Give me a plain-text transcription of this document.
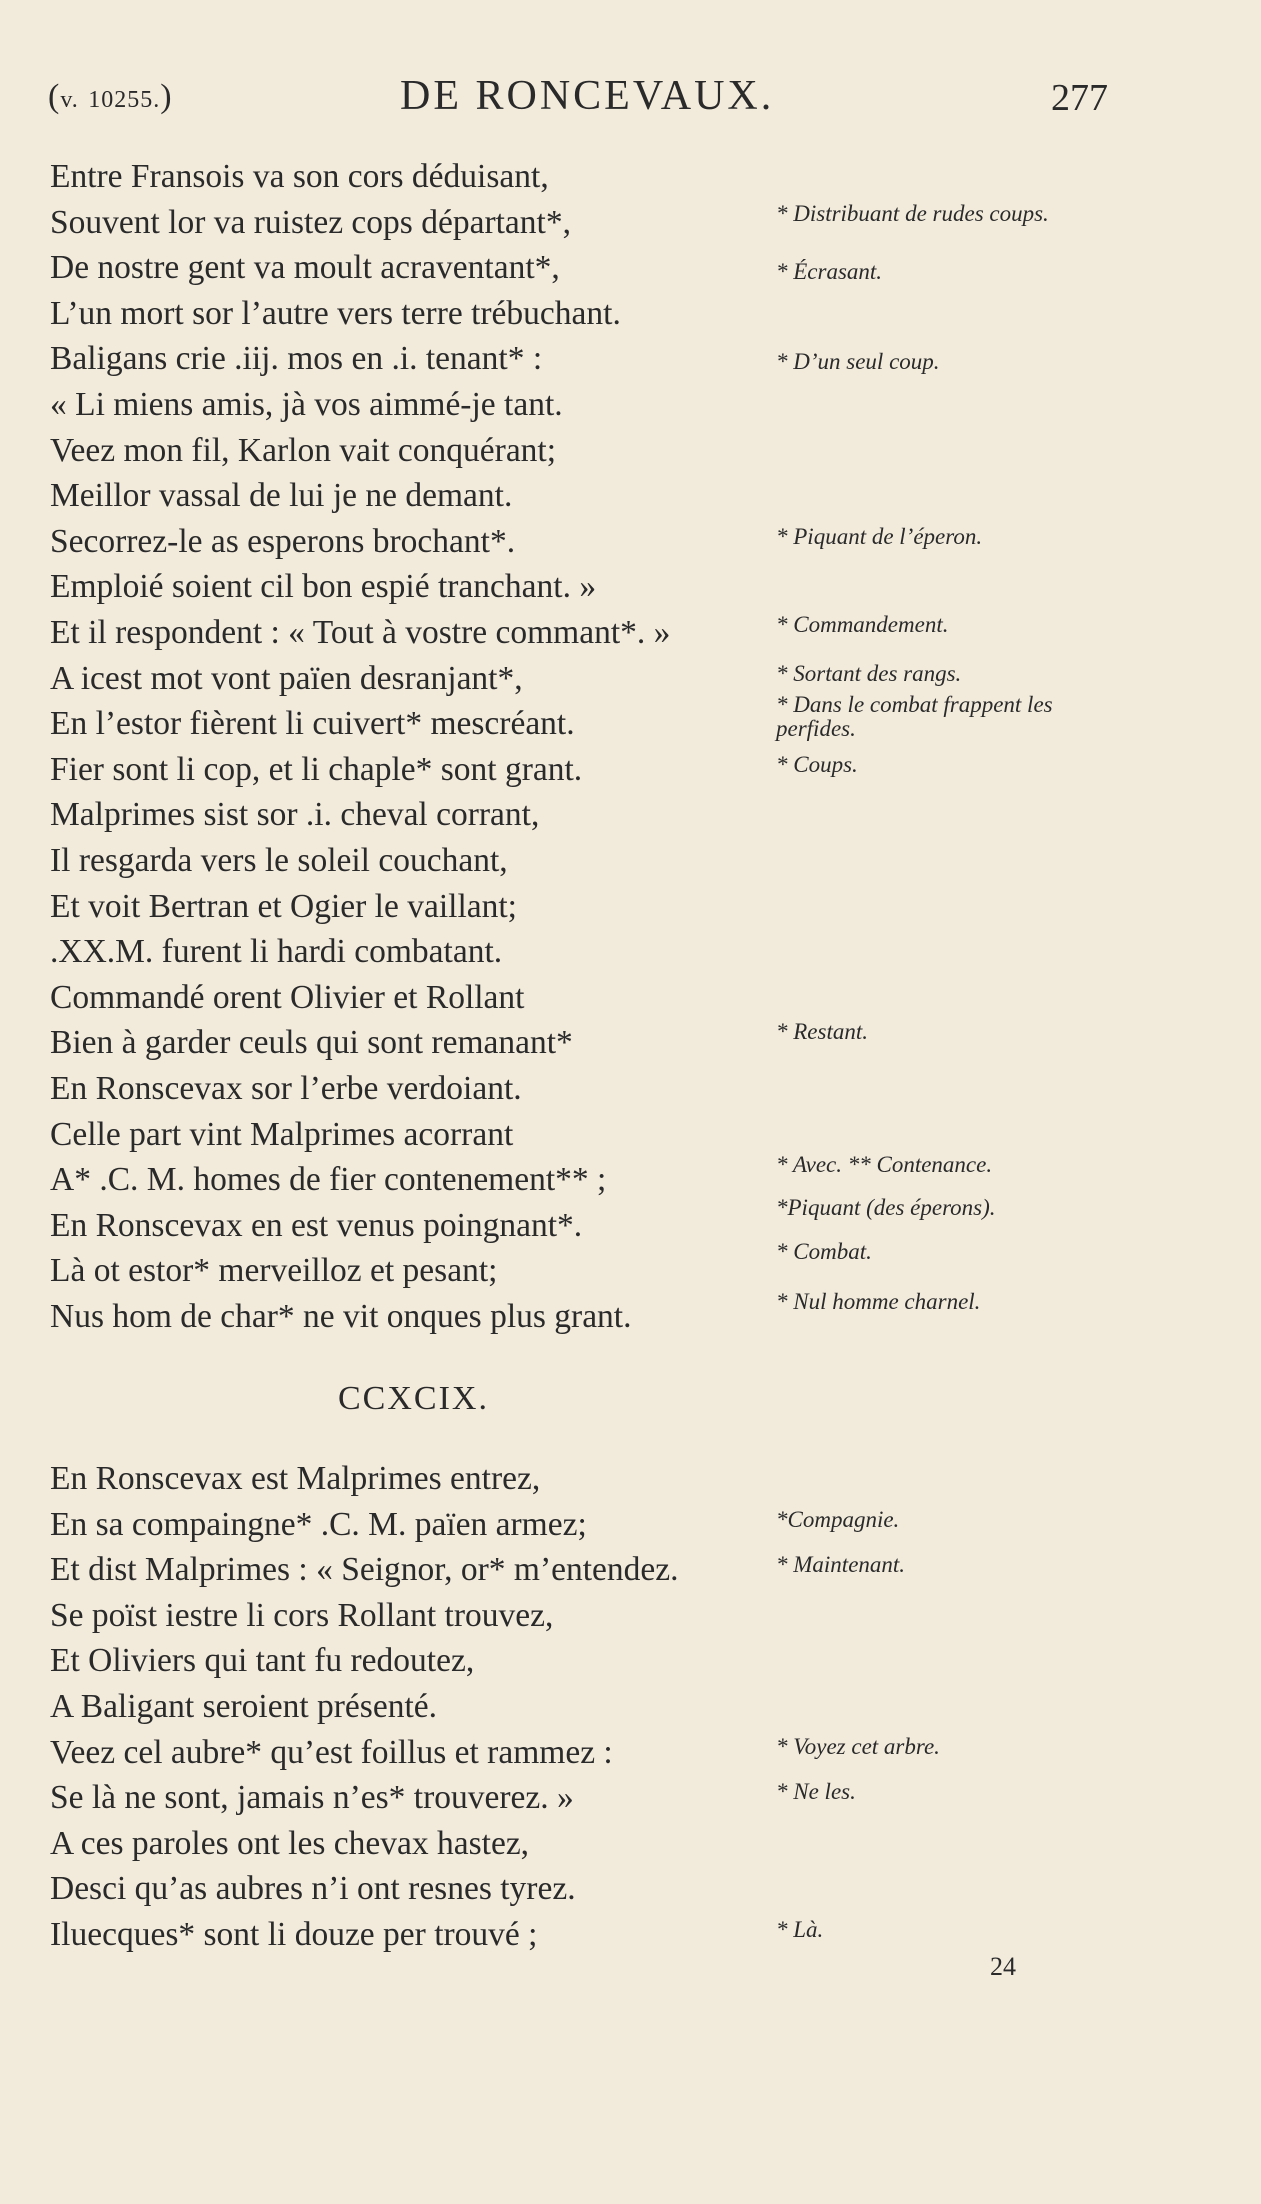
(v. 10255.)	DE RONCEVAUX.	277
Entre Fransois va son cors déduisant,
Souvent lor va ruistez cops départant*,
De nostre gent va moult acraventant*,
L’un mort sor l’autre vers terre trébuchant.
Baligans crie .iij. mos en .i. tenant* :
« Li miens amis, jà vos aimmé-je tant.
Veez mon fil, Karlon vait conquérant;
Meillor vassal de lui je ne demant.
Secorrez-le as esperons brochant*.
Emploié soient cil bon espié tranchant. »
Et il respondent : « Tout à vostre commant*. »
A icest mot vont païen desranjant*,
En l’estor fièrent li cuivert* mescréant.
Fier sont li cop, et li chaple* sont grant.
Malprimes sist sor .i. cheval corrant,
Il resgarda vers le soleil couchant,
Et voit Bertran et Ogier le vaillant;
.XX.M. furent li hardi combatant.
Commandé orent Olivier et Rollant
Bien à garder ceuls qui sont remanant*
En Ronscevax sor l’erbe verdoiant.
Celle part vint Malprimes acorrant
A* .C. M. homes de fier contenement** ;
En Ronscevax en est venus poingnant*.
Là ot estor* merveilloz et pesant;
Nus hom de char* ne vit onques plus grant.
* Distribuant de rudes coups.
* Écrasant.
* D’un seul coup.
* Piquant de l’éperon.
* Commandement.
* Sortant des rangs.
* Dans le combat frappent les perfides.
* Coups.
* Restant.
* Avec. ** Contenance.
*Piquant (des éperons).
* Combat.
* Nul homme charnel.
CCXCIX.
En Ronscevax est Malprimes entrez,
En sa compaingne* .C. M. païen armez;
Et dist Malprimes : « Seignor, or* m’entendez.
Se poïst iestre li cors Rollant trouvez,
Et Oliviers qui tant fu redoutez,
A Baligant seroient présenté.
Veez cel aubre* qu’est foillus et rammez :
Se là ne sont, jamais n’es* trouverez. »
A ces paroles ont les chevax hastez,
Desci qu’as aubres n’i ont resnes tyrez.
Iluecques* sont li douze per trouvé ;
*Compagnie.
* Maintenant.
* Voyez cet arbre.
* Ne les.
* Là.
24
